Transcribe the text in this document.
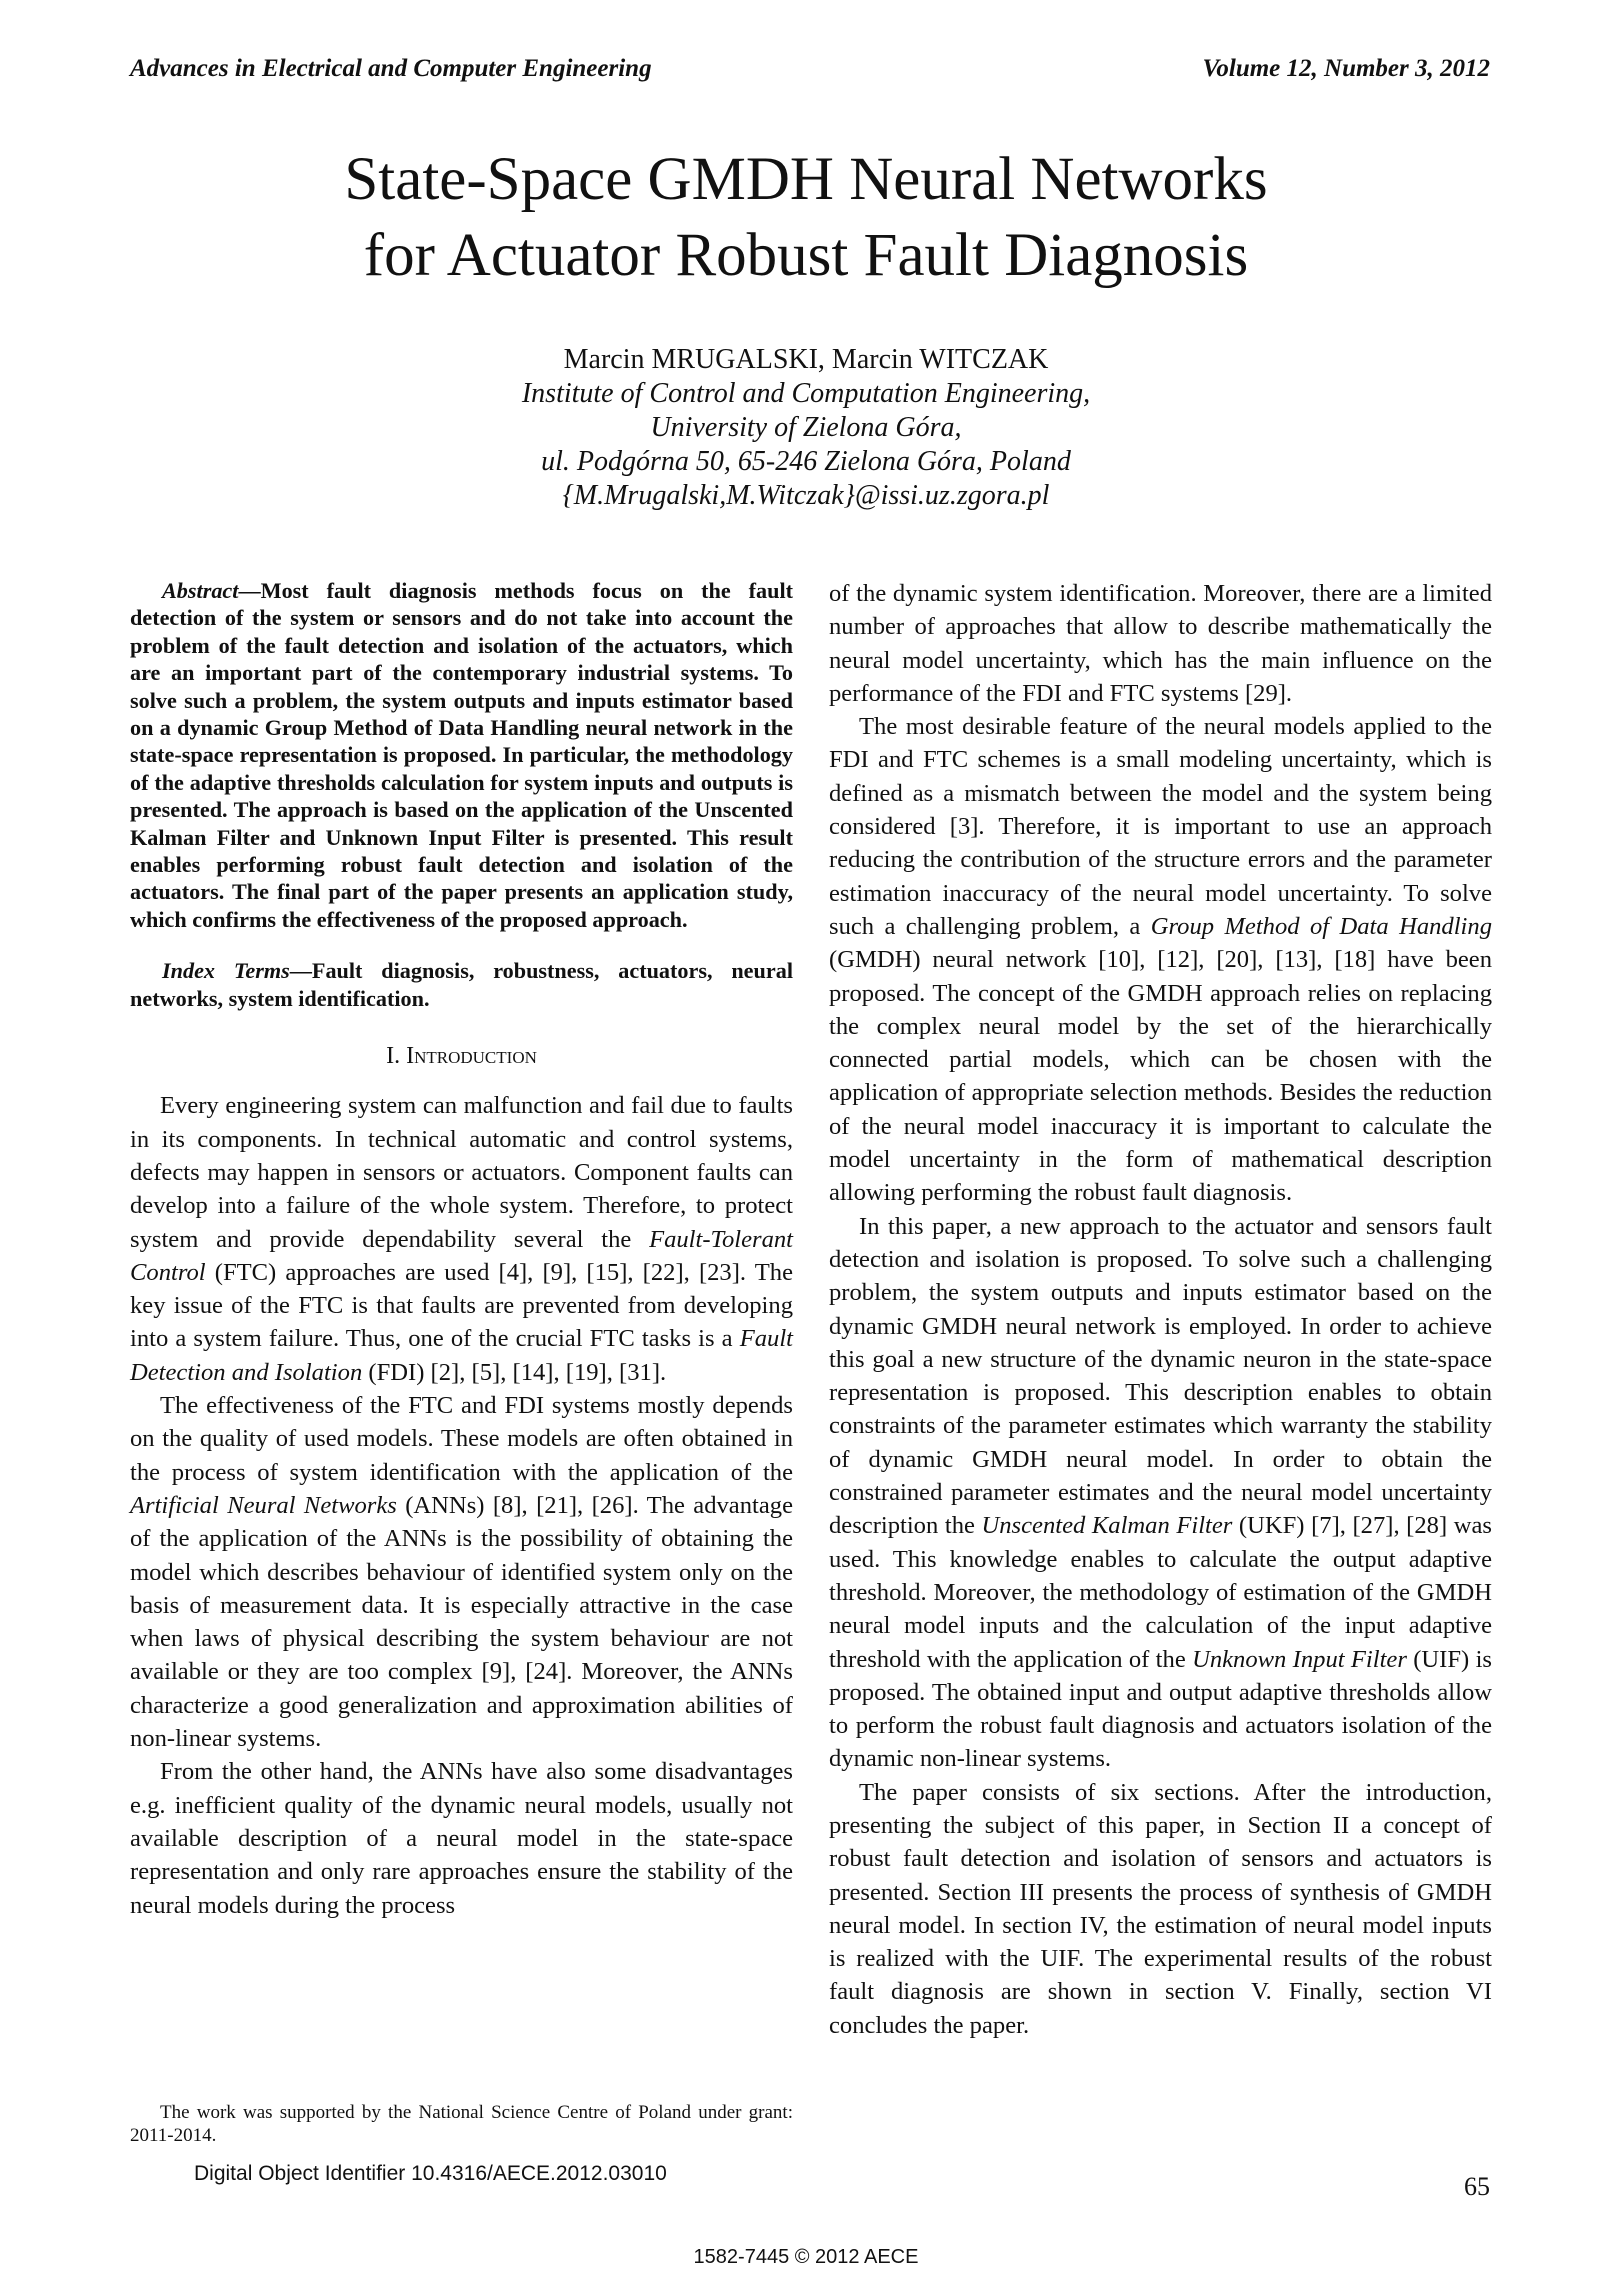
Advances in Electrical and Computer Engineering	Volume 12, Number 3, 2012
State-Space GMDH Neural Networks
for Actuator Robust Fault Diagnosis
Marcin MRUGALSKI, Marcin WITCZAK
Institute of Control and Computation Engineering,
University of Zielona Góra,
ul. Podgórna 50, 65-246 Zielona Góra, Poland
{M.Mrugalski,M.Witczak}@issi.uz.zgora.pl

Abstract—Most fault diagnosis methods focus on the fault detection of the system or sensors and do not take into account the problem of the fault detection and isolation of the actuators, which are an important part of the contemporary industrial systems. To solve such a problem, the system outputs and inputs estimator based on a dynamic Group Method of Data Handling neural network in the state-space representation is proposed. In particular, the methodology of the adaptive thresholds calculation for system inputs and outputs is presented. The approach is based on the application of the Unscented Kalman Filter and Unknown Input Filter is presented. This result enables performing robust fault detection and isolation of the actuators. The final part of the paper presents an application study, which confirms the effectiveness of the proposed approach.

Index Terms—Fault diagnosis, robustness, actuators, neural networks, system identification.

I. Introduction

Every engineering system can malfunction and fail due to faults in its components. In technical automatic and control systems, defects may happen in sensors or actuators. Component faults can develop into a failure of the whole system. Therefore, to protect system and provide dependability several the Fault-Tolerant Control (FTC) approaches are used [4], [9], [15], [22], [23]. The key issue of the FTC is that faults are prevented from developing into a system failure. Thus, one of the crucial FTC tasks is a Fault Detection and Isolation (FDI) [2], [5], [14], [19], [31].

The effectiveness of the FTC and FDI systems mostly depends on the quality of used models. These models are often obtained in the process of system identification with the application of the Artificial Neural Networks (ANNs) [8], [21], [26]. The advantage of the application of the ANNs is the possibility of obtaining the model which describes behaviour of identified system only on the basis of measurement data. It is especially attractive in the case when laws of physical describing the system behaviour are not available or they are too complex [9], [24]. Moreover, the ANNs characterize a good generalization and approximation abilities of non-linear systems.

From the other hand, the ANNs have also some disadvantages e.g. inefficient quality of the dynamic neural models, usually not available description of a neural model in the state-space representation and only rare approaches ensure the stability of the neural models during the process

of the dynamic system identification. Moreover, there are a limited number of approaches that allow to describe mathematically the neural model uncertainty, which has the main influence on the performance of the FDI and FTC systems [29].

The most desirable feature of the neural models applied to the FDI and FTC schemes is a small modeling uncertainty, which is defined as a mismatch between the model and the system being considered [3]. Therefore, it is important to use an approach reducing the contribution of the structure errors and the parameter estimation inaccuracy of the neural model uncertainty. To solve such a challenging problem, a Group Method of Data Handling (GMDH) neural network [10], [12], [20], [13], [18] have been proposed. The concept of the GMDH approach relies on replacing the complex neural model by the set of the hierarchically connected partial models, which can be chosen with the application of appropriate selection methods. Besides the reduction of the neural model inaccuracy it is important to calculate the model uncertainty in the form of mathematical description allowing performing the robust fault diagnosis.

In this paper, a new approach to the actuator and sensors fault detection and isolation is proposed. To solve such a challenging problem, the system outputs and inputs estimator based on the dynamic GMDH neural network is employed. In order to achieve this goal a new structure of the dynamic neuron in the state-space representation is proposed. This description enables to obtain constraints of the parameter estimates which warranty the stability of dynamic GMDH neural model. In order to obtain the constrained parameter estimates and the neural model uncertainty description the Unscented Kalman Filter (UKF) [7], [27], [28] was used. This knowledge enables to calculate the output adaptive threshold. Moreover, the methodology of estimation of the GMDH neural model inputs and the calculation of the input adaptive threshold with the application of the Unknown Input Filter (UIF) is proposed. The obtained input and output adaptive thresholds allow to perform the robust fault diagnosis and actuators isolation of the dynamic non-linear systems.

The paper consists of six sections. After the introduction, presenting the subject of this paper, in Section II a concept of robust fault detection and isolation of sensors and actuators is presented. Section III presents the process of synthesis of GMDH neural model. In section IV, the estimation of neural model inputs is realized with the UIF. The experimental results of the robust fault diagnosis are shown in section V. Finally, section VI concludes the paper.

The work was supported by the National Science Centre of Poland under grant: 2011-2014.
Digital Object Identifier 10.4316/AECE.2012.03010	65
1582-7445 © 2012 AECE
